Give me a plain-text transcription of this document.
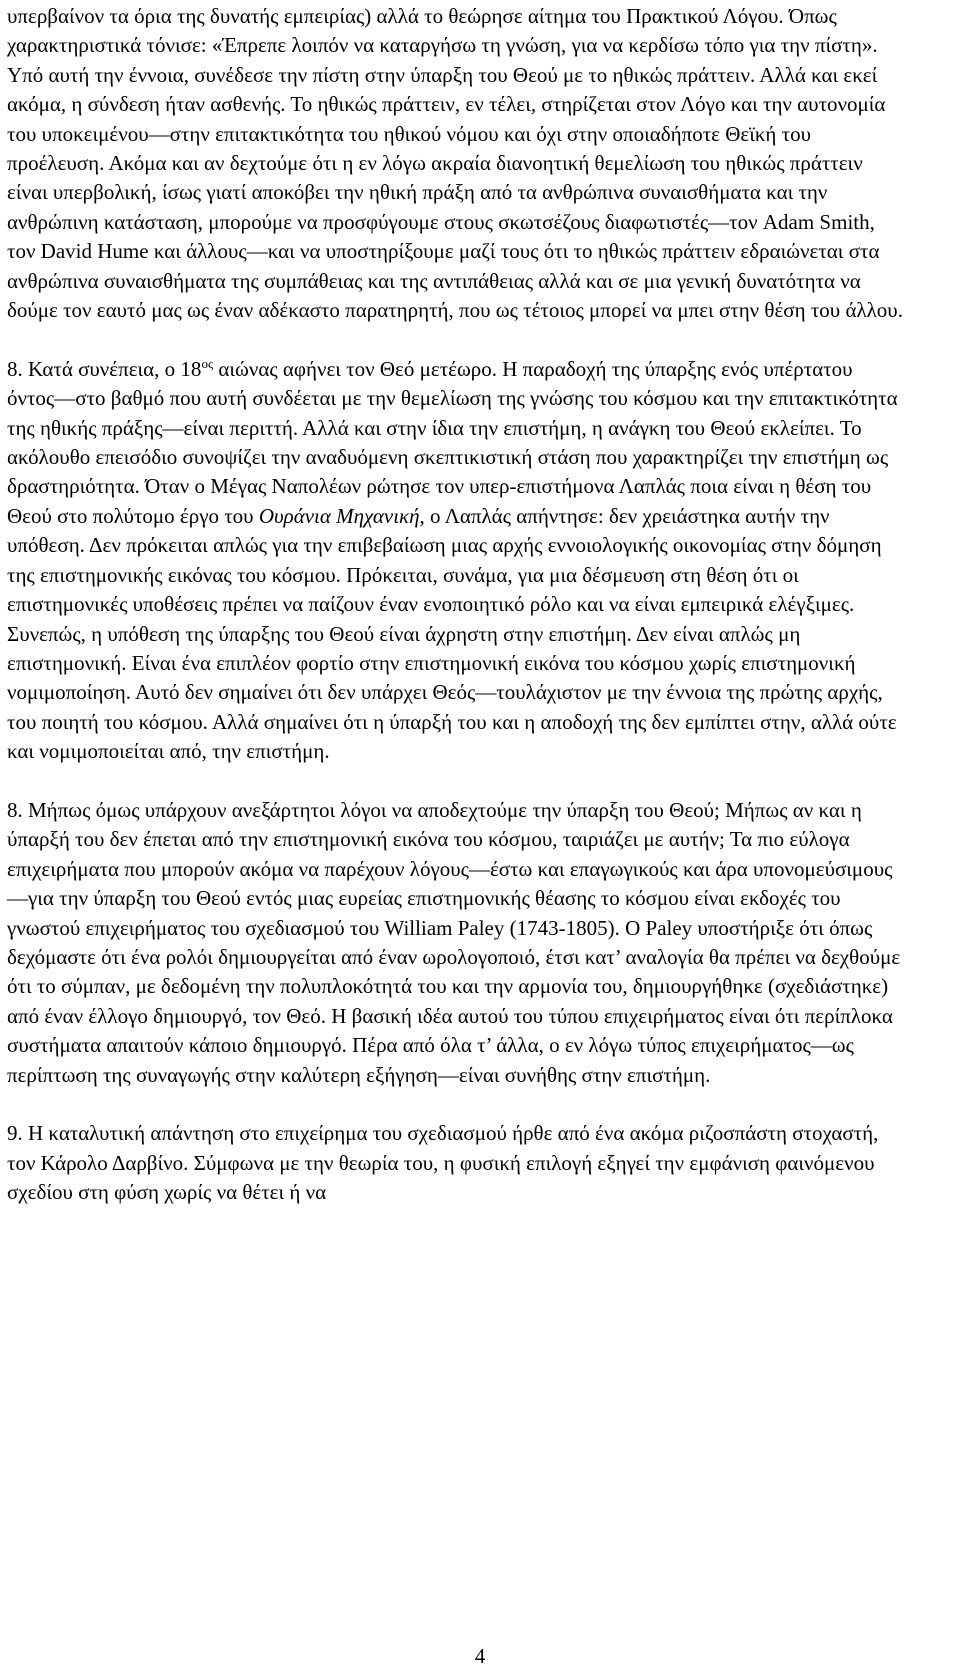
υπερβαίνον τα όρια της δυνατής εμπειρίας) αλλά το θεώρησε αίτημα του Πρακτικού Λόγου. Όπως χαρακτηριστικά τόνισε: «Έπρεπε λοιπόν να καταργήσω τη γνώση, για να κερδίσω τόπο για την πίστη». Υπό αυτή την έννοια, συνέδεσε την πίστη στην ύπαρξη του Θεού με το ηθικώς πράττειν. Αλλά και εκεί ακόμα, η σύνδεση ήταν ασθενής. Το ηθικώς πράττειν, εν τέλει, στηρίζεται στον Λόγο και την αυτονομία του υποκειμένου—στην επιτακτικότητα του ηθικού νόμου και όχι στην οποιαδήποτε Θεϊκή του προέλευση. Ακόμα και αν δεχτούμε ότι η εν λόγω ακραία διανοητική θεμελίωση του ηθικώς πράττειν είναι υπερβολική, ίσως γιατί αποκόβει την ηθική πράξη από τα ανθρώπινα συναισθήματα και την ανθρώπινη κατάσταση, μπορούμε να προσφύγουμε στους σκωτσέζους διαφωτιστές—τον Adam Smith, τον David Hume και άλλους—και να υποστηρίξουμε μαζί τους ότι το ηθικώς πράττειν εδραιώνεται στα ανθρώπινα συναισθήματα της συμπάθειας και της αντιπάθειας αλλά και σε μια γενική δυνατότητα να δούμε τον εαυτό μας ως έναν αδέκαστο παρατηρητή, που ως τέτοιος μπορεί να μπει στην θέση του άλλου.

8. Κατά συνέπεια, ο $18^{o\varsigma}$ αιώνας αφήνει τον Θεό μετέωρο. Η παραδοχή της ύπαρξης ενός υπέρτατου όντος—στο βαθμό που αυτή συνδέεται με την θεμελίωση της γνώσης του κόσμου και την επιτακτικότητα της ηθικής πράξης—είναι περιττή. Αλλά και στην ίδια την επιστήμη, η ανάγκη του Θεού εκλείπει. Το ακόλουθο επεισόδιο συνοψίζει την αναδυόμενη σκεπτικιστική στάση που χαρακτηρίζει την επιστήμη ως δραστηριότητα. Όταν ο Μέγας Ναπολέων ρώτησε τον υπερ-επιστήμονα Λαπλάς ποια είναι η θέση του Θεού στο πολύτομο έργο του Ουράνια Μηχανική, ο Λαπλάς απήντησε: δεν χρειάστηκα αυτήν την υπόθεση. Δεν πρόκειται απλώς για την επιβεβαίωση μιας αρχής εννοιολογικής οικονομίας στην δόμηση της επιστημονικής εικόνας του κόσμου. Πρόκειται, συνάμα, για μια δέσμευση στη θέση ότι οι επιστημονικές υποθέσεις πρέπει να παίζουν έναν ενοποιητικό ρόλο και να είναι εμπειρικά ελέγξιμες. Συνεπώς, η υπόθεση της ύπαρξης του Θεού είναι άχρηστη στην επιστήμη. Δεν είναι απλώς μη επιστημονική. Είναι ένα επιπλέον φορτίο στην επιστημονική εικόνα του κόσμου χωρίς επιστημονική νομιμοποίηση. Αυτό δεν σημαίνει ότι δεν υπάρχει Θεός—τουλάχιστον με την έννοια της πρώτης αρχής, του ποιητή του κόσμου. Αλλά σημαίνει ότι η ύπαρξή του και η αποδοχή της δεν εμπίπτει στην, αλλά ούτε και νομιμοποιείται από, την επιστήμη.

8. Μήπως όμως υπάρχουν ανεξάρτητοι λόγοι να αποδεχτούμε την ύπαρξη του Θεού; Μήπως αν και η ύπαρξή του δεν έπεται από την επιστημονική εικόνα του κόσμου, ταιριάζει με αυτήν; Τα πιο εύλογα επιχειρήματα που μπορούν ακόμα να παρέχουν λόγους—έστω και επαγωγικούς και άρα υπονομεύσιμους—για την ύπαρξη του Θεού εντός μιας ευρείας επιστημονικής θέασης το κόσμου είναι εκδοχές του γνωστού επιχειρήματος του σχεδιασμού του William Paley (1743-1805). Ο Paley υποστήριξε ότι όπως δεχόμαστε ότι ένα ρολόι δημιουργείται από έναν ωρολογοποιό, έτσι κατ’ αναλογία θα πρέπει να δεχθούμε ότι το σύμπαν, με δεδομένη την πολυπλοκότητά του και την αρμονία του, δημιουργήθηκε (σχεδιάστηκε) από έναν έλλογο δημιουργό, τον Θεό. Η βασική ιδέα αυτού του τύπου επιχειρήματος είναι ότι περίπλοκα συστήματα απαιτούν κάποιο δημιουργό. Πέρα από όλα τ’ άλλα, ο εν λόγω τύπος επιχειρήματος—ως περίπτωση της συναγωγής στην καλύτερη εξήγηση—είναι συνήθης στην επιστήμη.

9. Η καταλυτική απάντηση στο επιχείρημα του σχεδιασμού ήρθε από ένα ακόμα ριζοσπάστη στοχαστή, τον Κάρολο Δαρβίνο. Σύμφωνα με την θεωρία του, η φυσική επιλογή εξηγεί την εμφάνιση φαινόμενου σχεδίου στη φύση χωρίς να θέτει ή να

4
